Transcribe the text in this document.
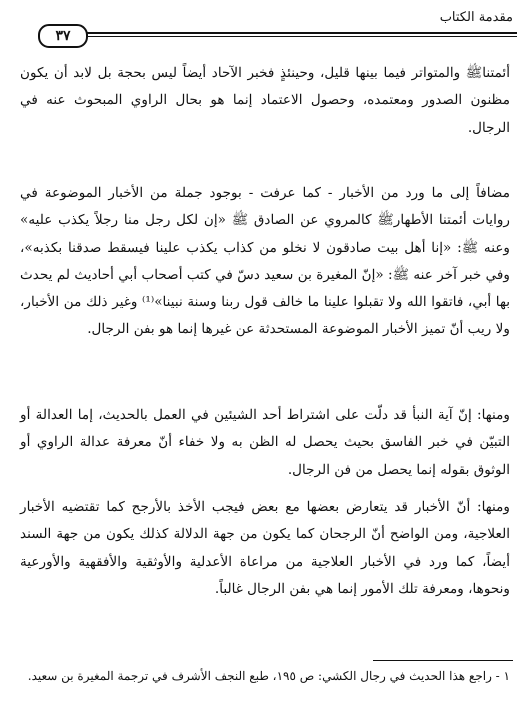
مقدمة الكتاب
٣٧

أئمتناﷺ والمتواتر فيما بينها قليل، وحينئذٍ فخبر الآحاد أيضاً ليس بحجة بل لابد أن يكون مظنون الصدور ومعتمده، وحصول الاعتماد إنما هو بحال الراوي المبحوث عنه في الرجال.

مضافاً إلى ما ورد من الأخبار - كما عرفت - بوجود جملة من الأخبار الموضوعة في روايات أئمتنا الأطهارﷺ كالمروي عن الصادق ﷺ «إن لكل رجل منا رجلاً يكذب عليه» وعنه ﷺ: «إنا أهل بيت صادقون لا نخلو من كذاب يكذب علينا فيسقط صدقنا بكذبه»، وفي خبر آخر عنه ﷺ: «إنّ المغيرة بن سعيد دسّ في كتب أصحاب أبي أحاديث لم يحدث بها أبي، فاتقوا الله ولا تقبلوا علينا ما خالف قول ربنا وسنة نبينا»⁽¹⁾ وغير ذلك من الأخبار، ولا ريب أنّ تميز الأخبار الموضوعة المستحدثة عن غيرها إنما هو بفن الرجال.

ومنها: إنّ آية النبأ قد دلّت على اشتراط أحد الشيئين في العمل بالحديث، إما العدالة أو التبيّن في خبر الفاسق بحيث يحصل له الظن به ولا خفاء أنّ معرفة عدالة الراوي أو الوثوق بقوله إنما يحصل من فن الرجال.

ومنها: أنّ الأخبار قد يتعارض بعضها مع بعض فيجب الأخذ بالأرجح كما تقتضيه الأخبار العلاجية، ومن الواضح أنّ الرجحان كما يكون من جهة الدلالة كذلك يكون من جهة السند أيضاً، كما ورد في الأخبار العلاجية من مراعاة الأعدلية والأوثقية والأفقهية والأورعية ونحوها، ومعرفة تلك الأمور إنما هي بفن الرجال غالباً.

١ - راجع هذا الحديث في رجال الكشي: ص ١٩٥، طبع النجف الأشرف في ترجمة المغيرة بن سعيد.
